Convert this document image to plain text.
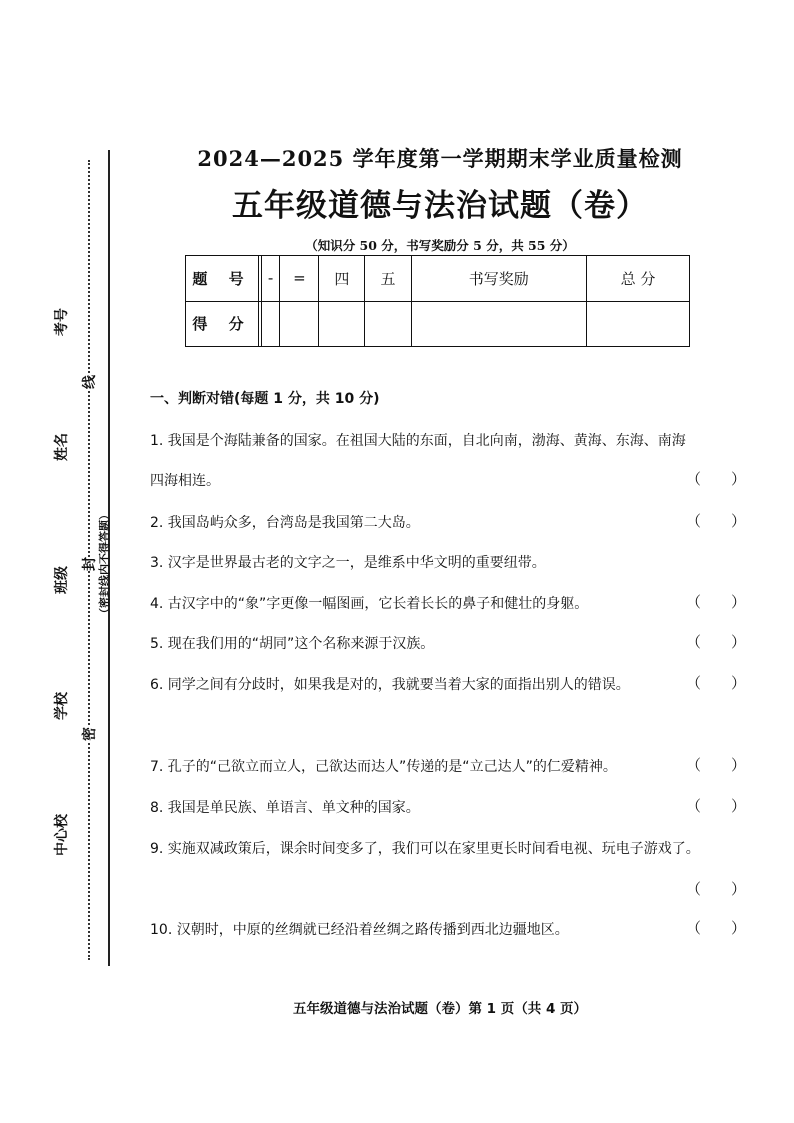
考号
姓名
班级
学校
中心校
线
封
密
（密封线内不得答题）
2024—2025 学年度第一学期期末学业质量检测
五年级道德与法治试题（卷）
（知识分 50 分，书写奖励分 5 分，共 55 分）
题 号		-	=	四	五	书写奖励	总 分
得 分							
一、判断对错(每题 1 分，共 10 分)
1. 我国是个海陆兼备的国家。在祖国大陆的东面，自北向南，渤海、黄海、东海、南海
四海相连。	（　　）
2. 我国岛屿众多，台湾岛是我国第二大岛。	（　　）
3. 汉字是世界最古老的文字之一，是维系中华文明的重要纽带。
4. 古汉字中的“象”字更像一幅图画，它长着长长的鼻子和健壮的身躯。	（　　）
5. 现在我们用的“胡同”这个名称来源于汉族。	（　　）
6. 同学之间有分歧时，如果我是对的，我就要当着大家的面指出别人的错误。	（　　）
7. 孔子的“己欲立而立人，己欲达而达人”传递的是“立己达人”的仁爱精神。	（　　）
8. 我国是单民族、单语言、单文种的国家。	（　　）
9. 实施双减政策后，课余时间变多了，我们可以在家里更长时间看电视、玩电子游戏了。
（　　）
10. 汉朝时，中原的丝绸就已经沿着丝绸之路传播到西北边疆地区。	（　　）
五年级道德与法治试题（卷）第 1 页（共 4 页）
